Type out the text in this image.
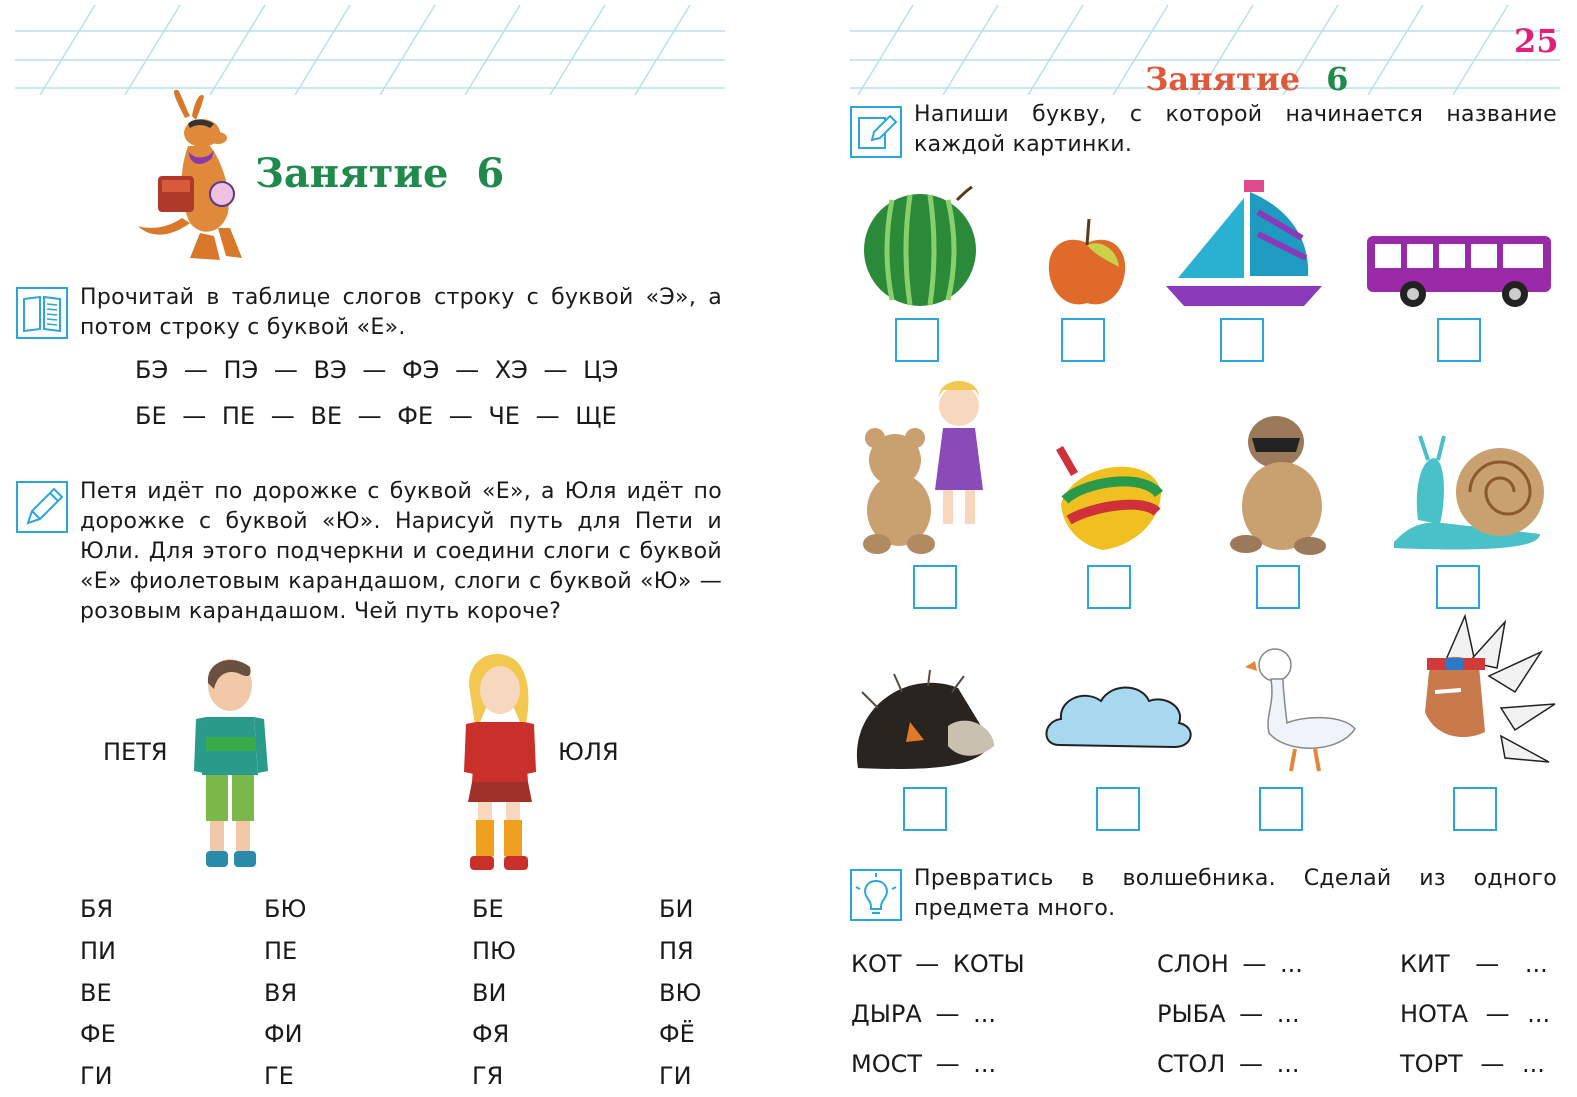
Занятие 6
Прочитай в таблице слогов строку с буквой «Э», а потом строку с буквой «Е».
БЭ — ПЭ — ВЭ — ФЭ — ХЭ — ЦЭ
БЕ — ПЕ — ВЕ — ФЕ — ЧЕ — ЩЕ
Петя идёт по дорожке с буквой «Е», а Юля идёт по дорожке с буквой «Ю». Нарисуй путь для Пети и Юли. Для этого подчеркни и соедини слоги с буквой «Е» фиолетовым карандашом, слоги с буквой «Ю» — розовым карандашом. Чей путь короче?
ПЕТЯ	ЮЛЯ
БЯ	БЮ	БЕ	БИ
ПИ	ПЕ	ПЮ	ПЯ
ВЕ	ВЯ	ВИ	ВЮ
ФЕ	ФИ	ФЯ	ФЁ
ГИ	ГЕ	ГЯ	ГИ

Занятие 6

25
Напиши букву, с которой начинается название каждой картинки.
Превратись в волшебника. Сделай из одного предмета много.
КОТ — КОТЫ	СЛОН — ...	КИТ — ...
ДЫРА — ...	РЫБА — ...	НОТА — ...
МОСТ — ...	СТОЛ — ...	ТОРТ — ...
